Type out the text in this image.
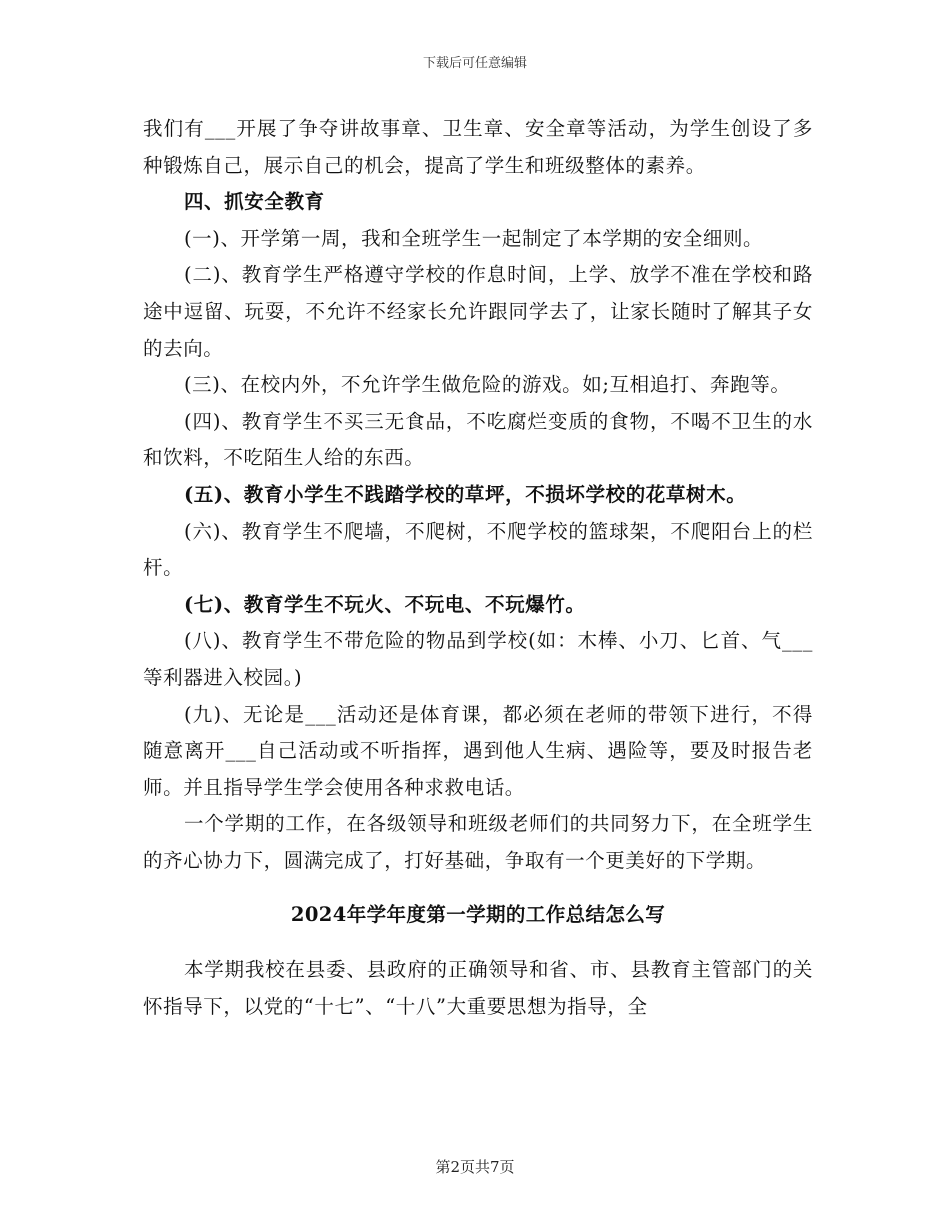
下载后可任意编辑

我们有___开展了争夺讲故事章、卫生章、安全章等活动，为学生创设了多种锻炼自己，展示自己的机会，提高了学生和班级整体的素养。

四、抓安全教育

(一)、开学第一周，我和全班学生一起制定了本学期的安全细则。

(二)、教育学生严格遵守学校的作息时间，上学、放学不准在学校和路途中逗留、玩耍，不允许不经家长允许跟同学去了，让家长随时了解其子女的去向。

(三)、在校内外，不允许学生做危险的游戏。如;互相追打、奔跑等。

(四)、教育学生不买三无食品，不吃腐烂变质的食物，不喝不卫生的水和饮料，不吃陌生人给的东西。

(五)、教育小学生不践踏学校的草坪，不损坏学校的花草树木。

(六)、教育学生不爬墙，不爬树，不爬学校的篮球架，不爬阳台上的栏杆。

(七)、教育学生不玩火、不玩电、不玩爆竹。

(八)、教育学生不带危险的物品到学校(如：木棒、小刀、匕首、气___等利器进入校园。)

(九)、无论是___活动还是体育课，都必须在老师的带领下进行，不得随意离开___自己活动或不听指挥，遇到他人生病、遇险等，要及时报告老师。并且指导学生学会使用各种求救电话。

一个学期的工作，在各级领导和班级老师们的共同努力下，在全班学生的齐心协力下，圆满完成了，打好基础，争取有一个更美好的下学期。

2024年学年度第一学期的工作总结怎么写

本学期我校在县委、县政府的正确领导和省、市、县教育主管部门的关怀指导下，以党的“十七”、“十八”大重要思想为指导，全

第2页共7页
